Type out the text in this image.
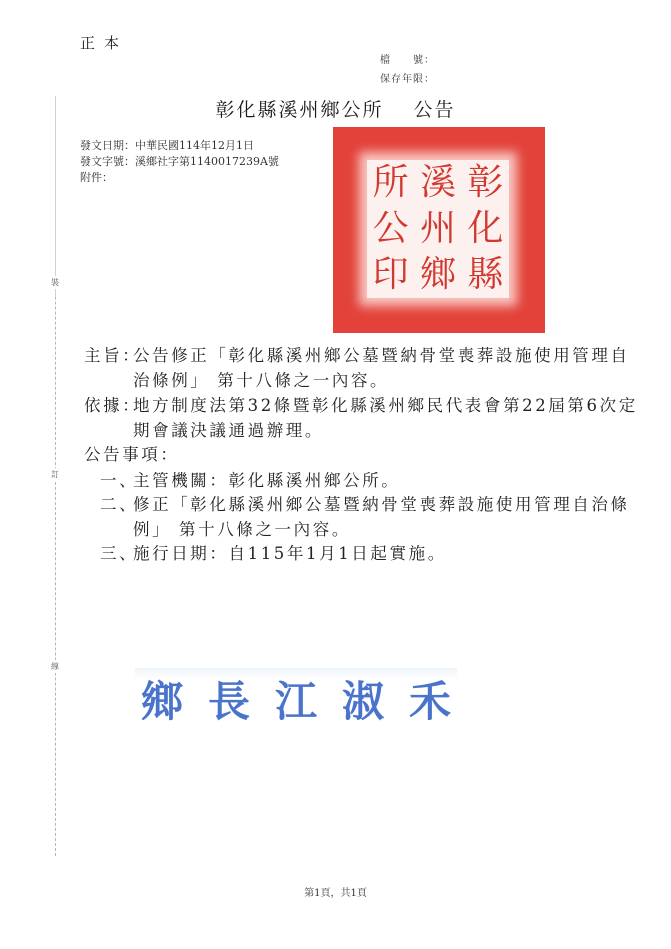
正本
檔　　號：
保存年限：
彰化縣溪州鄉公所 公告
發文日期：中華民國114年12月1日
發文字號：溪鄉社字第1140017239A號
附件：
裝
訂
線
所 溪 彰
公 州 化
印 鄉 縣
主旨：
公告修正「彰化縣溪州鄉公墓暨納骨堂喪葬設施使用管理自
治條例」 第十八條之一內容。
依據：
地方制度法第32條暨彰化縣溪州鄉民代表會第22屆第6次定
期會議決議通過辦理。
公告事項：
一、
主管機關：彰化縣溪州鄉公所。
二、
修正「彰化縣溪州鄉公墓暨納骨堂喪葬設施使用管理自治條
例」 第十八條之一內容。
三、
施行日期：自115年1月1日起實施。
鄉 長 江 淑 禾
第1頁，共1頁
